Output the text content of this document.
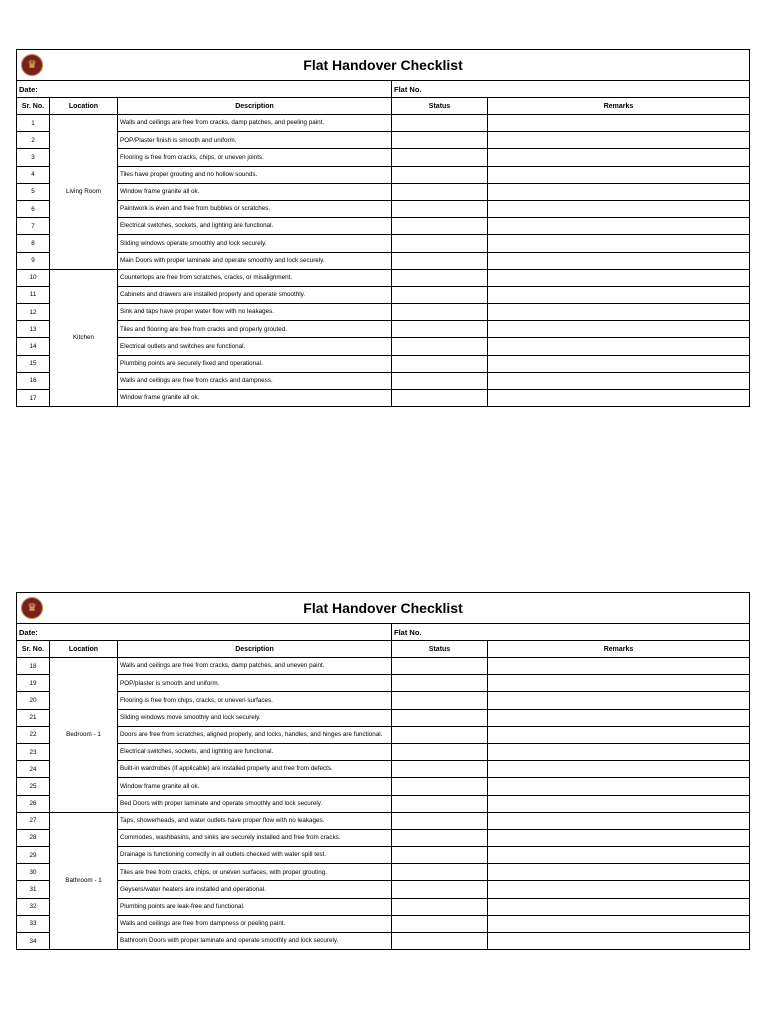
♛ Flat Handover Checklist				

Date:			Flat No.	
Sr. No.	Location	Description	Status	Remarks
1	Living Room	Walls and ceilings are free from cracks, damp patches, and peeling paint.		
2		POP/Plaster finish is smooth and uniform.		
3		Flooring is free from cracks, chips, or uneven joints.		
4		Tiles have proper grouting and no hollow sounds.		
5		Window frame granite all ok.		
6		Paintwork is even and free from bubbles or scratches.		
7		Electrical switches, sockets, and lighting are functional.		
8		Sliding windows operate smoothly and lock securely.		
9		Main Doors with proper laminate and operate smoothly and lock securely.		
10	Kitchen	Countertops are free from scratches, cracks, or misalignment.		
11		Cabinets and drawers are installed properly and operate smoothly.		
12		Sink and taps have proper water flow with no leakages.		
13		Tiles and flooring are free from cracks and properly grouted.		
14		Electrical outlets and switches are functional.		
15		Plumbing points are securely fixed and operational.		
16		Walls and ceilings are free from cracks and dampness.		
17		Window frame granite all ok.		
♛ Flat Handover Checklist				

Date:			Flat No.	
Sr. No.	Location	Description	Status	Remarks
18	Bedroom - 1	Walls and ceilings are free from cracks, damp patches, and uneven paint.		
19		POP/plaster is smooth and uniform.		
20		Flooring is free from chips, cracks, or uneven surfaces.		
21		Sliding windows move smoothly and lock securely.		
22		Doors are free from scratches, aligned properly, and locks, handles, and hinges are functional.		
23		Electrical switches, sockets, and lighting are functional.		
24		Built-in wardrobes (if applicable) are installed properly and free from defects.		
25		Window frame granite all ok.		
26		Bed Doors with proper laminate and operate smoothly and lock securely.		
27	Bathroom - 1	Taps, showerheads, and water outlets have proper flow with no leakages.		
28		Commodes, washbasins, and sinks are securely installed and free from cracks.		
29		Drainage is functioning correctly in all outlets checked with water spill test.		
30		Tiles are free from cracks, chips, or uneven surfaces, with proper grouting.		
31		Geysers/water heaters are installed and operational.		
32		Plumbing points are leak-free and functional.		
33		Walls and ceilings are free from dampness or peeling paint.		
34		Bathroom Doors with proper laminate and operate smoothly and lock securely.		
